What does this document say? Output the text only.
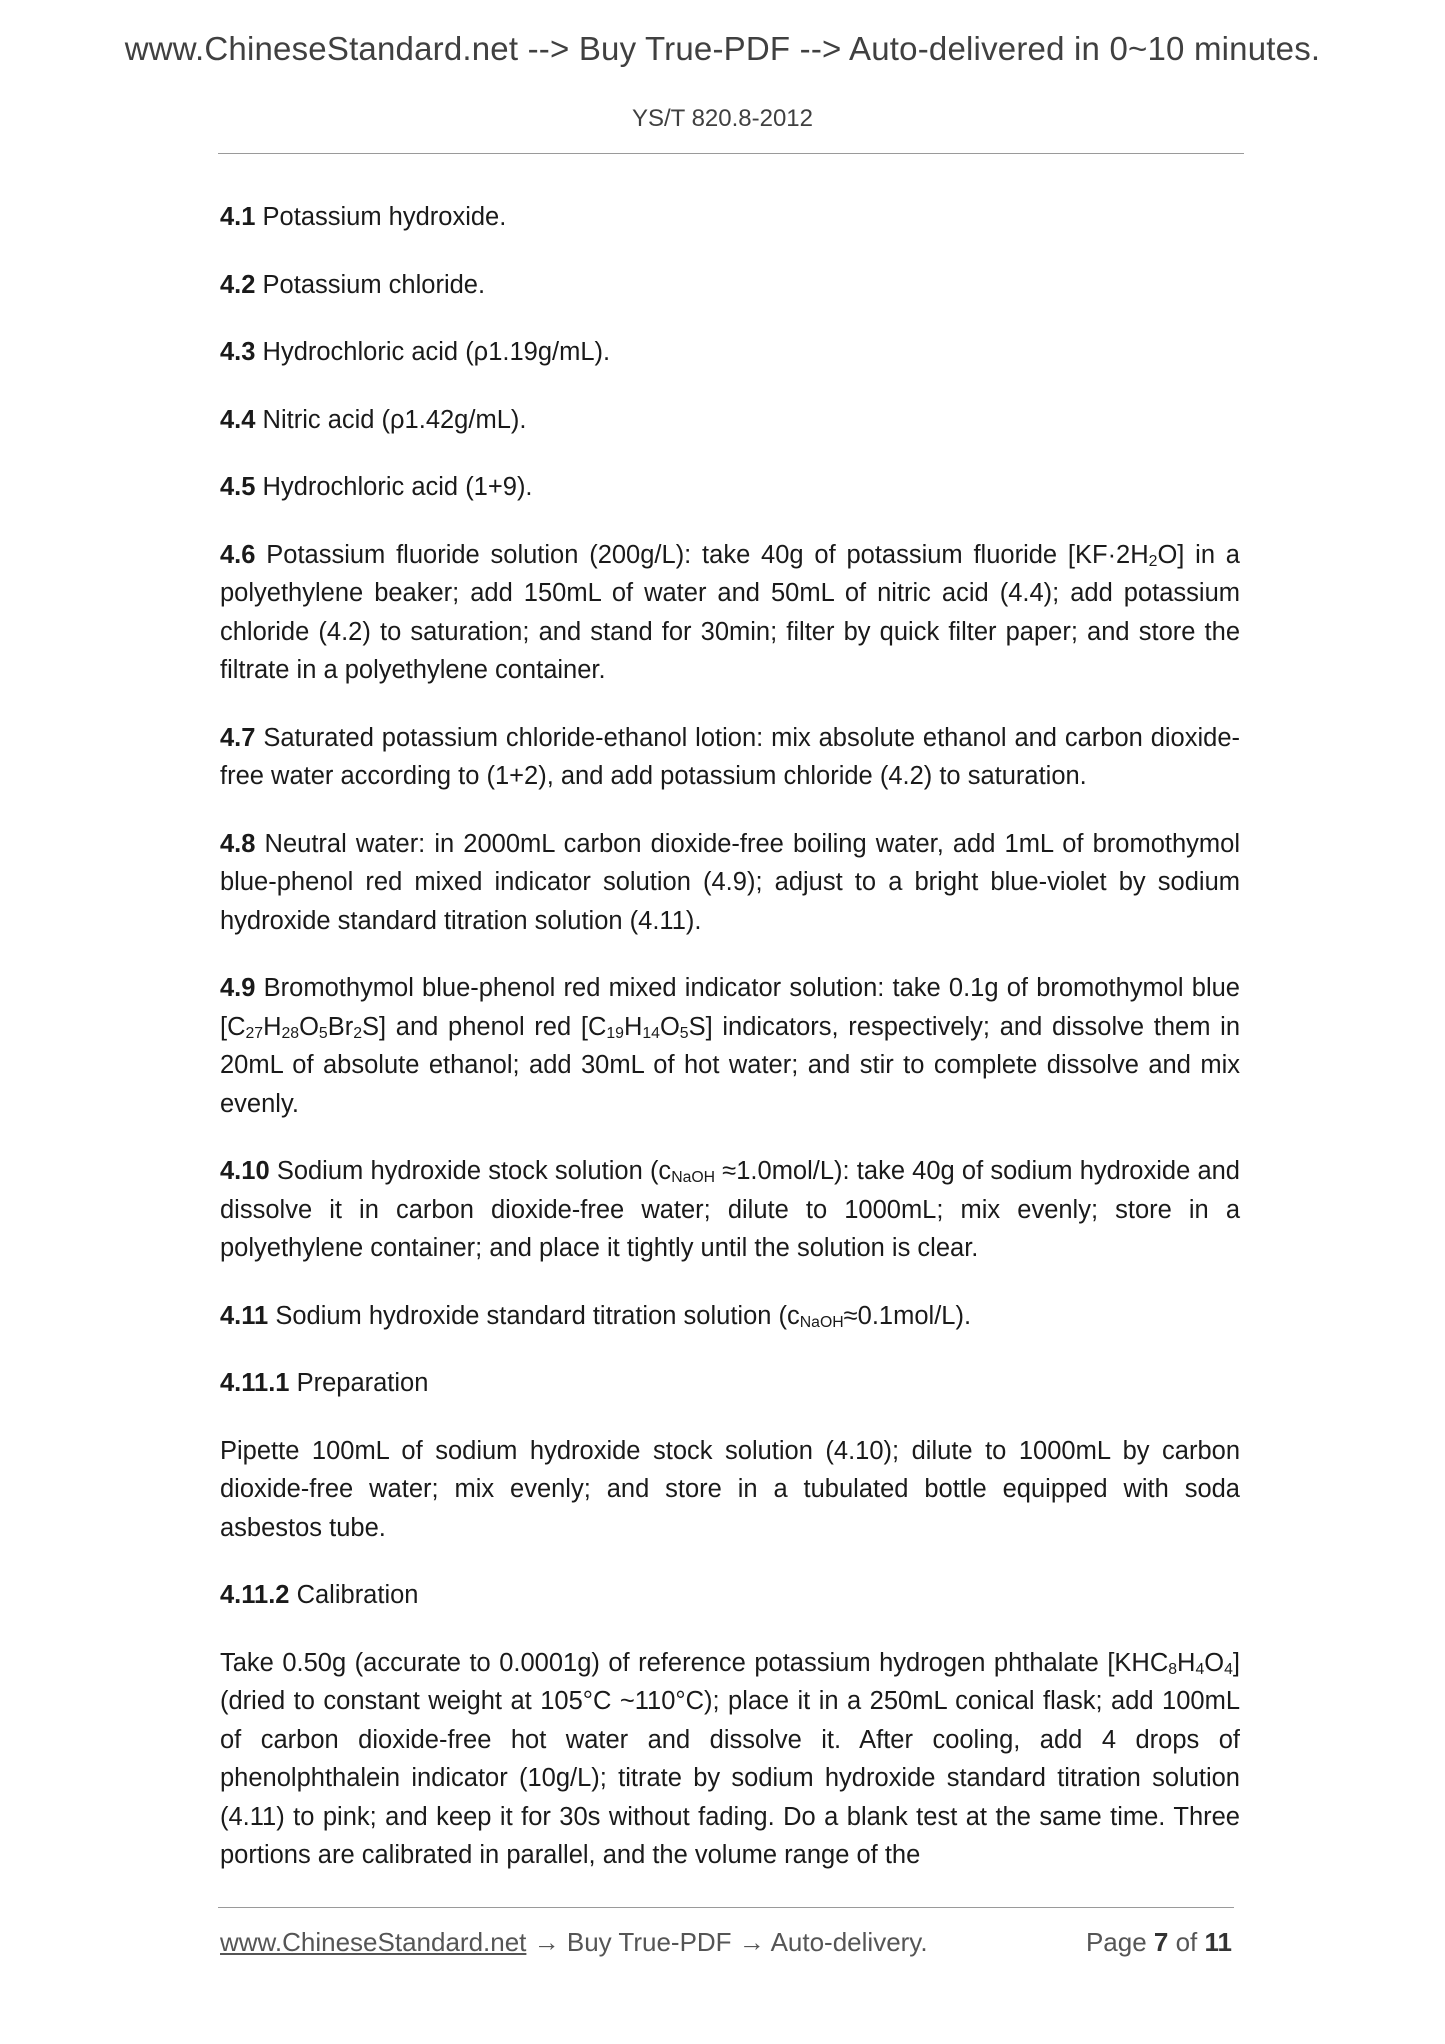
www.ChineseStandard.net --> Buy True-PDF --> Auto-delivered in 0~10 minutes.
YS/T 820.8-2012

4.1 Potassium hydroxide.

4.2 Potassium chloride.

4.3 Hydrochloric acid (ρ1.19g/mL).

4.4 Nitric acid (ρ1.42g/mL).

4.5 Hydrochloric acid (1+9).

4.6 Potassium fluoride solution (200g/L): take 40g of potassium fluoride $[KF\cdot 2H_2O]$ in a polyethylene beaker; add 150mL of water and 50mL of nitric acid (4.4); add potassium chloride (4.2) to saturation; and stand for 30min; filter by quick filter paper; and store the filtrate in a polyethylene container.

4.7 Saturated potassium chloride-ethanol lotion: mix absolute ethanol and carbon dioxide-free water according to (1+2), and add potassium chloride (4.2) to saturation.

4.8 Neutral water: in 2000mL carbon dioxide-free boiling water, add 1mL of bromothymol blue-phenol red mixed indicator solution (4.9); adjust to a bright blue-violet by sodium hydroxide standard titration solution (4.11).

4.9 Bromothymol blue-phenol red mixed indicator solution: take 0.1g of bromothymol blue $[C_{27}H_{28}O_5Br_2S]$ and phenol red $[C_{19}H_{14}O_5S]$ indicators, respectively; and dissolve them in 20mL of absolute ethanol; add 30mL of hot water; and stir to complete dissolve and mix evenly.

4.10 Sodium hydroxide stock solution $(c_{NaOH} \approx 1.0mol/L)$: take 40g of sodium hydroxide and dissolve it in carbon dioxide-free water; dilute to 1000mL; mix evenly; store in a polyethylene container; and place it tightly until the solution is clear.

4.11 Sodium hydroxide standard titration solution $(c_{NaOH}\approx 0.1mol/L)$.

4.11.1 Preparation

Pipette 100mL of sodium hydroxide stock solution (4.10); dilute to 1000mL by carbon dioxide-free water; mix evenly; and store in a tubulated bottle equipped with soda asbestos tube.

4.11.2 Calibration

Take 0.50g (accurate to 0.0001g) of reference potassium hydrogen phthalate $[KHC_8H_4O_4]$ (dried to constant weight at 105°C ~110°C); place it in a 250mL conical flask; add 100mL of carbon dioxide-free hot water and dissolve it. After cooling, add 4 drops of phenolphthalein indicator (10g/L); titrate by sodium hydroxide standard titration solution (4.11) to pink; and keep it for 30s without fading. Do a blank test at the same time. Three portions are calibrated in parallel, and the volume range of the

www.ChineseStandard.net → Buy True-PDF → Auto-delivery.	Page 7 of 11
